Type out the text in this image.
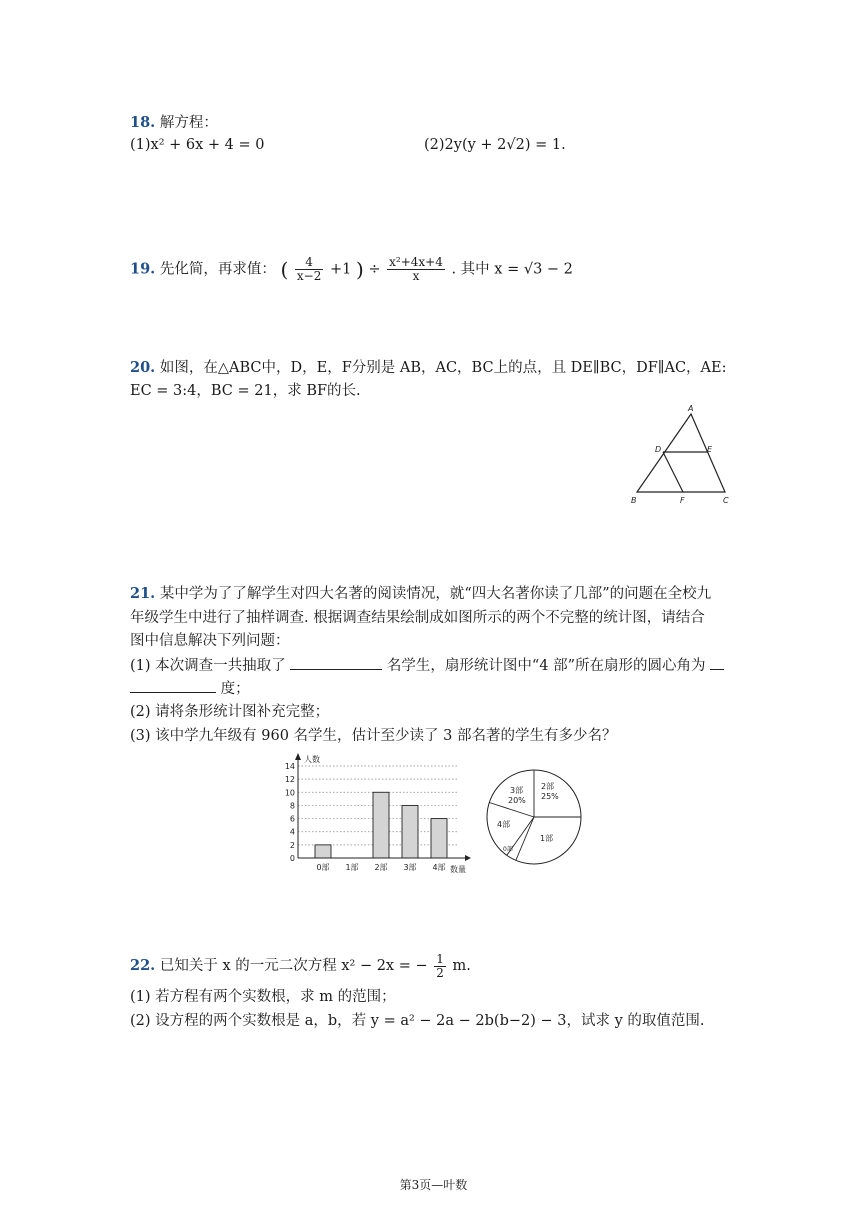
18. 解方程：
(1)x² + 6x + 4 = 0	(2)2y(y + 2√2) = 1.
19. 先化简，再求值： ( $\frac{4}{x-2} +1$ ) ÷ $\frac{\text{x²+4x+4}}{x}$ . 其中 x = √3 − 2
20. 如图，在△ABC中，D，E，F分别是 AB，AC，BC上的点，且 DE∥BC，DF∥AC，AE:
EC = 3:4，BC = 21，求 BF的长.
A
D	E
B	F	C
21. 某中学为了了解学生对四大名著的阅读情况，就“四大名著你读了几部”的问题在全校九
年级学生中进行了抽样调查. 根据调查结果绘制成如图所示的两个不完整的统计图，请结合
图中信息解决下列问题：
(1) 本次调查一共抽取了	名学生，扇形统计图中“4 部”所在扇形的圆心角为
度；
(2) 请将条形统计图补充完整；
(3) 该中学九年级有 960 名学生，估计至少读了 3 部名著的学生有多少名？
0
2
4
6
8
10
12
14
0部 1部 2部 3部 4部
人数
数量
2部
25%
3部
20%
4部
1部
0部
22. 已知关于 x 的一元二次方程 x² − 2x = − $\frac{1}{2} m$.
(1) 若方程有两个实数根，求 m 的范围；
(2) 设方程的两个实数根是 a，b，若 y = a² − 2a − 2b(b−2) − 3，试求 y 的取值范围.
第3页—叶数
